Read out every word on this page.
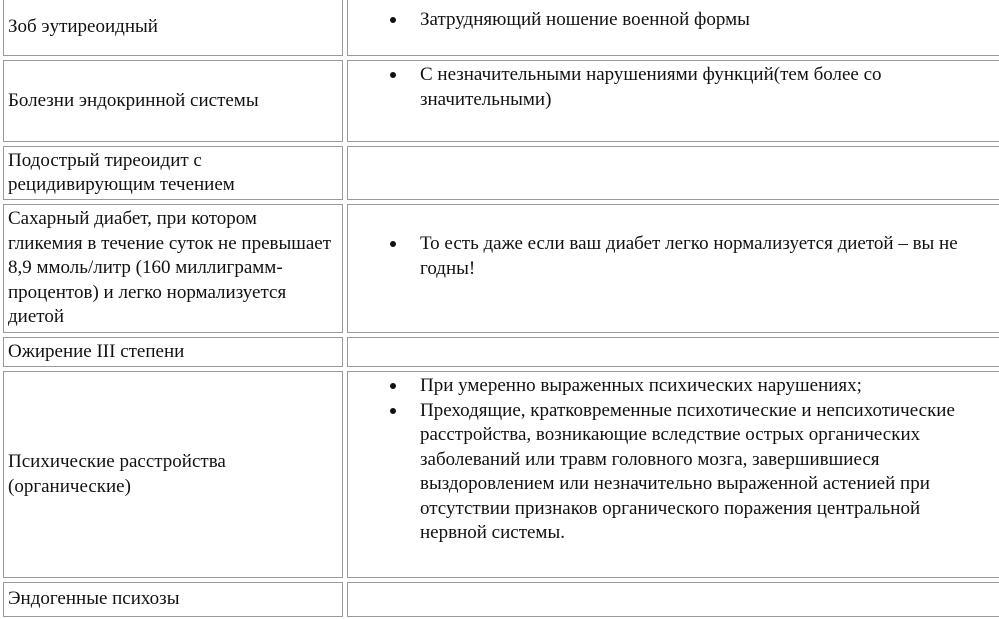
Зоб эутиреоидный	Затрудняющий ношение военной формы
Болезни эндокринной системы
С незначительными нарушениями функций(тем более со значительными)
Подострый тиреоидит с рецидивирующим течением
Сахарный диабет, при котором гликемия в течение суток не превышает 8,9 ммоль/литр (160 миллиграмм-процентов) и легко нормализуется диетой
То есть даже если ваш диабет легко нормализуется диетой – вы не годны!
Ожирение III степени
Психические расстройства (органические)
При умеренно выраженных психических нарушениях;
Преходящие, кратковременные психотические и непсихотические расстройства, возникающие вследствие острых органических заболеваний или травм головного мозга, завершившиеся выздоровлением или незначительно выраженной астенией при отсутствии признаков органического поражения центральной нервной системы.
Эндогенные психозы
